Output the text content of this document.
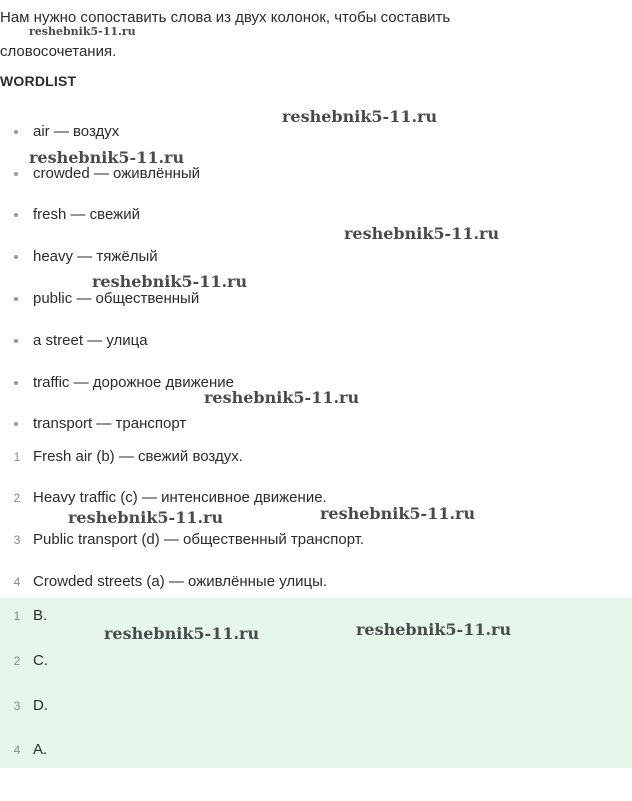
Нам нужно сопоставить слова из двух колонок, чтобы составить
словосочетания.

WORDLIST
air — воздух
crowded — оживлённый
fresh — свежий
heavy — тяжёлый
public — общественный
a street — улица
traffic — дорожное движение
transport — транспорт
1 Fresh air (b) — свежий воздух.
2 Heavy traffic (c) — интенсивное движение.
3 Public transport (d) — общественный транспорт.
4 Crowded streets (a) — оживлённые улицы.
1 B.
2 C.
3 D.
4 A.
reshebnik5-11.ru
reshebnik5-11.ru
reshebnik5-11.ru
reshebnik5-11.ru
reshebnik5-11.ru
reshebnik5-11.ru
reshebnik5-11.ru	reshebnik5-11.ru
reshebnik5-11.ru	reshebnik5-11.ru
